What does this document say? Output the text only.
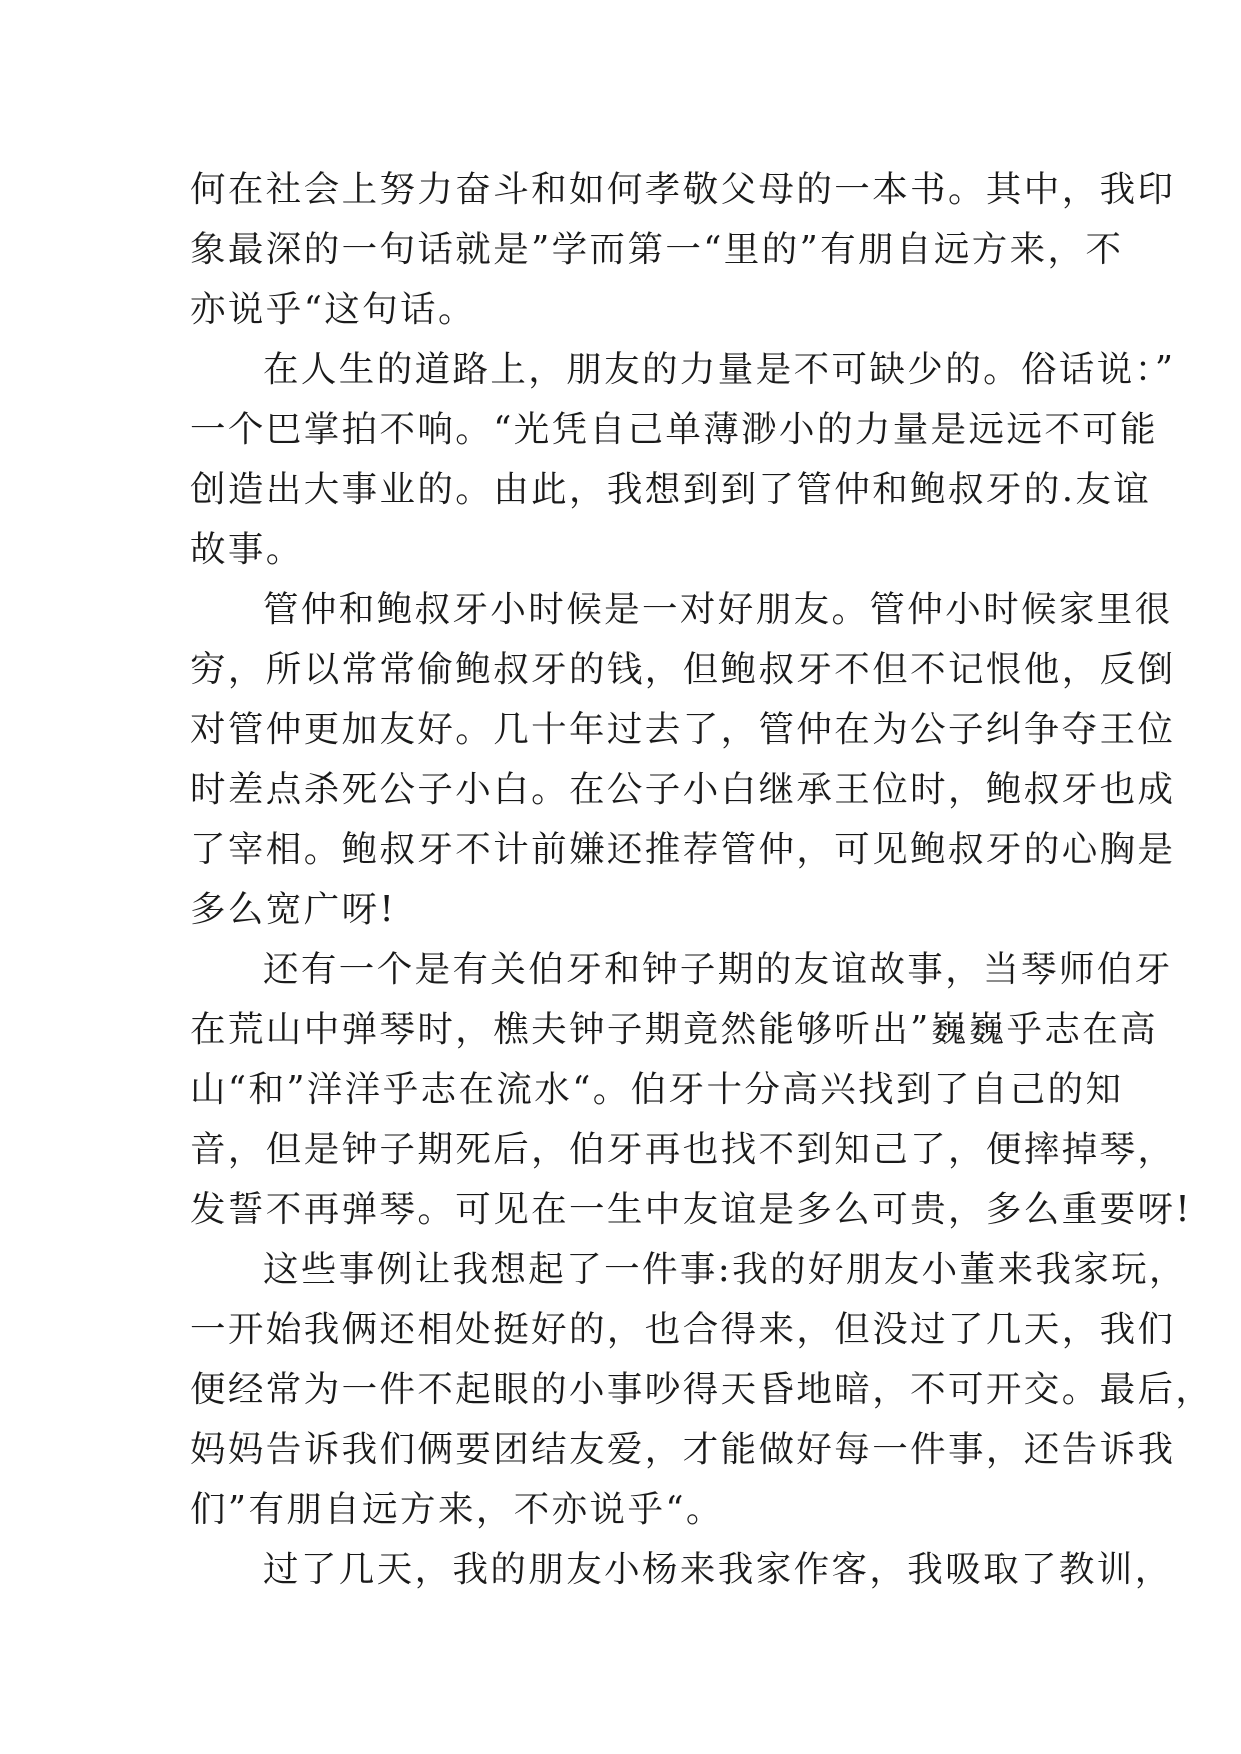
何在社会上努力奋斗和如何孝敬父母的一本书。其中，我印
象最深的一句话就是”学而第一“里的”有朋自远方来，不
亦说乎“这句话。
在人生的道路上，朋友的力量是不可缺少的。俗话说：”
一个巴掌拍不响。“光凭自己单薄渺小的力量是远远不可能
创造出大事业的。由此，我想到到了管仲和鲍叔牙的.友谊
故事。
管仲和鲍叔牙小时候是一对好朋友。管仲小时候家里很
穷，所以常常偷鲍叔牙的钱，但鲍叔牙不但不记恨他，反倒
对管仲更加友好。几十年过去了，管仲在为公子纠争夺王位
时差点杀死公子小白。在公子小白继承王位时，鲍叔牙也成
了宰相。鲍叔牙不计前嫌还推荐管仲，可见鲍叔牙的心胸是
多么宽广呀!
还有一个是有关伯牙和钟子期的友谊故事，当琴师伯牙
在荒山中弹琴时，樵夫钟子期竟然能够听出”巍巍乎志在高
山“和”洋洋乎志在流水“。伯牙十分高兴找到了自己的知
音，但是钟子期死后，伯牙再也找不到知己了，便摔掉琴，
发誓不再弹琴。可见在一生中友谊是多么可贵，多么重要呀!
这些事例让我想起了一件事:我的好朋友小董来我家玩，
一开始我俩还相处挺好的，也合得来，但没过了几天，我们
便经常为一件不起眼的小事吵得天昏地暗，不可开交。最后，
妈妈告诉我们俩要团结友爱，才能做好每一件事，还告诉我
们”有朋自远方来，不亦说乎“。
过了几天，我的朋友小杨来我家作客，我吸取了教训，
